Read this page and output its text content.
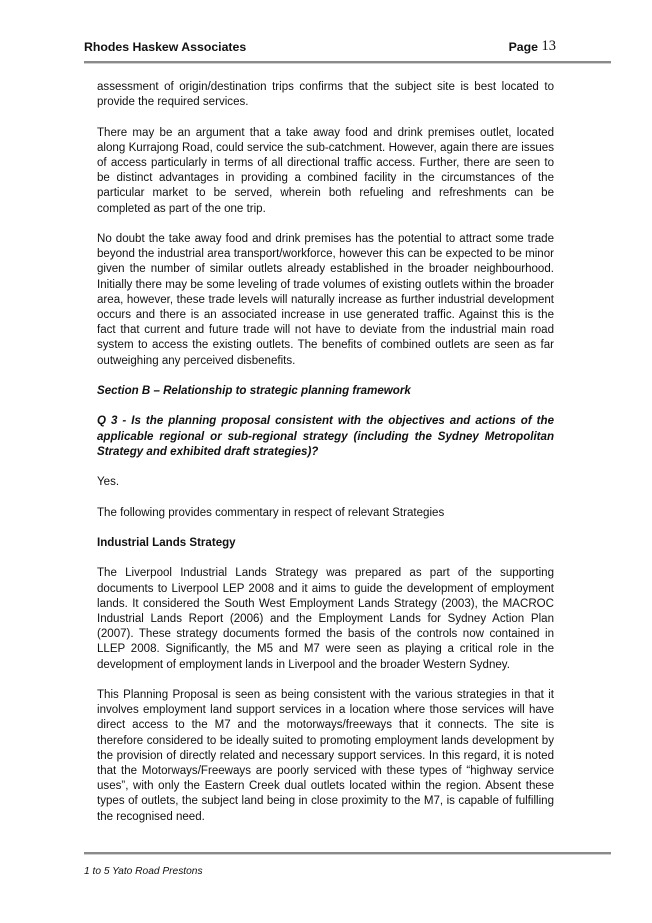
Rhodes Haskew Associates	Page 13

assessment of origin/destination trips confirms that the subject site is best located to provide the required services.

There may be an argument that a take away food and drink premises outlet, located along Kurrajong Road, could service the sub-catchment. However, again there are issues of access particularly in terms of all directional traffic access. Further, there are seen to be distinct advantages in providing a combined facility in the circumstances of the particular market to be served, wherein both refueling and refreshments can be completed as part of the one trip.

No doubt the take away food and drink premises has the potential to attract some trade beyond the industrial area transport/workforce, however this can be expected to be minor given the number of similar outlets already established in the broader neighbourhood. Initially there may be some leveling of trade volumes of existing outlets within the broader area, however, these trade levels will naturally increase as further industrial development occurs and there is an associated increase in use generated traffic. Against this is the fact that current and future trade will not have to deviate from the industrial main road system to access the existing outlets. The benefits of combined outlets are seen as far outweighing any perceived disbenefits.

Section B – Relationship to strategic planning framework

Q 3 - Is the planning proposal consistent with the objectives and actions of the applicable regional or sub-regional strategy (including the Sydney Metropolitan Strategy and exhibited draft strategies)?

Yes.

The following provides commentary in respect of relevant Strategies

Industrial Lands Strategy

The Liverpool Industrial Lands Strategy was prepared as part of the supporting documents to Liverpool LEP 2008 and it aims to guide the development of employment lands. It considered the South West Employment Lands Strategy (2003), the MACROC Industrial Lands Report (2006) and the Employment Lands for Sydney Action Plan (2007). These strategy documents formed the basis of the controls now contained in LLEP 2008. Significantly, the M5 and M7 were seen as playing a critical role in the development of employment lands in Liverpool and the broader Western Sydney.

This Planning Proposal is seen as being consistent with the various strategies in that it involves employment land support services in a location where those services will have direct access to the M7 and the motorways/freeways that it connects. The site is therefore considered to be ideally suited to promoting employment lands development by the provision of directly related and necessary support services. In this regard, it is noted that the Motorways/Freeways are poorly serviced with these types of “highway service uses”, with only the Eastern Creek dual outlets located within the region. Absent these types of outlets, the subject land being in close proximity to the M7, is capable of fulfilling the recognised need.

1 to 5 Yato Road Prestons
